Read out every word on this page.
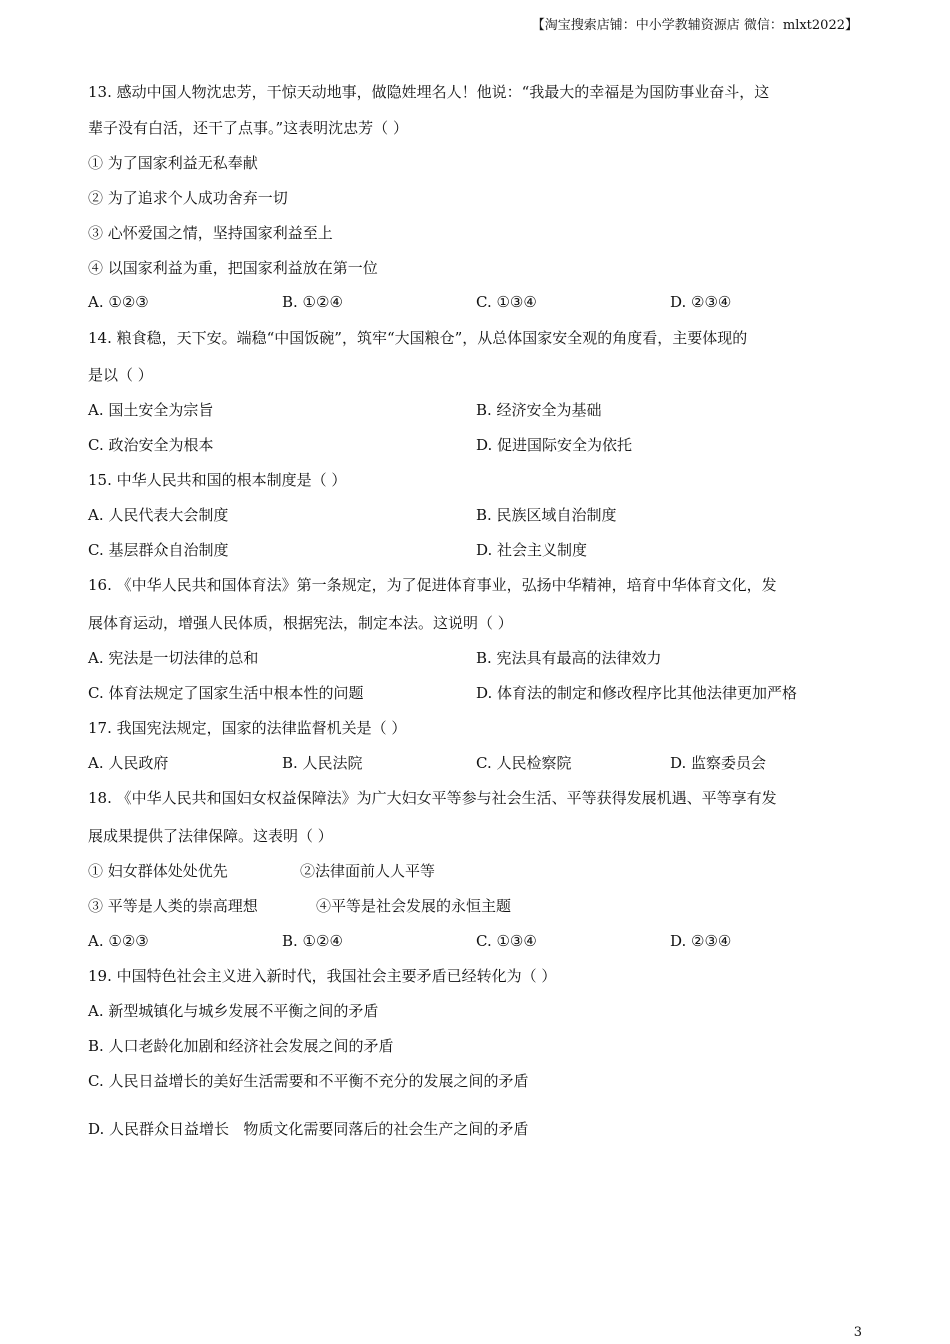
【淘宝搜索店铺：中小学教辅资源店 微信：mlxt2022】
13. 感动中国人物沈忠芳，干惊天动地事，做隐姓埋名人！他说：“我最大的幸福是为国防事业奋斗，这
辈子没有白活，还干了点事。”这表明沈忠芳（ ）
① 为了国家利益无私奉献
② 为了追求个人成功舍弃一切
③ 心怀爱国之情，坚持国家利益至上
④ 以国家利益为重，把国家利益放在第一位
A. ①②③	B. ①②④	C. ①③④	D. ②③④
14. 粮食稳，天下安。端稳“中国饭碗”，筑牢“大国粮仓”，从总体国家安全观的角度看，主要体现的
是以（ ）
A. 国土安全为宗旨	B. 经济安全为基础
C. 政治安全为根本	D. 促进国际安全为依托
15. 中华人民共和国的根本制度是（ ）
A. 人民代表大会制度	B. 民族区域自治制度
C. 基层群众自治制度	D. 社会主义制度
16. 《中华人民共和国体育法》第一条规定，为了促进体育事业，弘扬中华精神，培育中华体育文化，发
展体育运动，增强人民体质，根据宪法，制定本法。这说明（ ）
A. 宪法是一切法律的总和	B. 宪法具有最高的法律效力
C. 体育法规定了国家生活中根本性的问题	D. 体育法的制定和修改程序比其他法律更加严格
17. 我国宪法规定，国家的法律监督机关是（ ）
A. 人民政府	B. 人民法院	C. 人民检察院	D. 监察委员会
18. 《中华人民共和国妇女权益保障法》为广大妇女平等参与社会生活、平等获得发展机遇、平等享有发
展成果提供了法律保障。这表明（ ）
① 妇女群体处处优先	②法律面前人人平等
③ 平等是人类的崇高理想	④平等是社会发展的永恒主题
A. ①②③	B. ①②④	C. ①③④	D. ②③④
19. 中国特色社会主义进入新时代，我国社会主要矛盾已经转化为（ ）
A. 新型城镇化与城乡发展不平衡之间的矛盾
B. 人口老龄化加剧和经济社会发展之间的矛盾
C. 人民日益增长的美好生活需要和不平衡不充分的发展之间的矛盾
D. 人民群众日益增长   物质文化需要同落后的社会生产之间的矛盾
3
